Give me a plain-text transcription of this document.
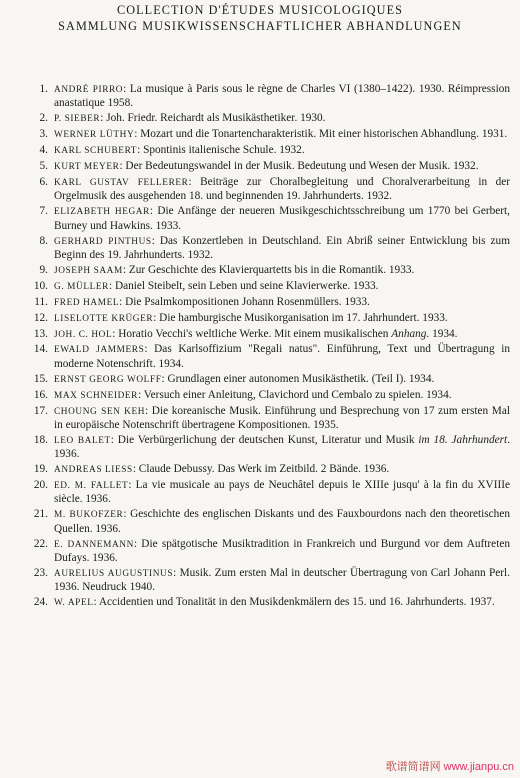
COLLECTION D'ÉTUDES MUSICOLOGIQUES
SAMMLUNG MUSIKWISSENSCHAFTLICHER ABHANDLUNGEN
1. ANDRÉ PIRRO: La musique à Paris sous le règne de Charles VI (1380–1422). 1930. Réimpression anastatique 1958.
2. P. SIEBER: Joh. Friedr. Reichardt als Musikästhetiker. 1930.
3. WERNER LÜTHY: Mozart und die Tonartencharakteristik. Mit einer historischen Abhandlung. 1931.
4. KARL SCHUBERT: Spontinis italienische Schule. 1932.
5. KURT MEYER: Der Bedeutungswandel in der Musik. Bedeutung und Wesen der Musik. 1932.
6. KARL GUSTAV FELLERER: Beiträge zur Choralbegleitung und Choralverarbeitung in der Orgelmusik des ausgehenden 18. und beginnenden 19. Jahrhunderts. 1932.
7. ELIZABETH HEGAR: Die Anfänge der neueren Musikgeschichtsschreibung um 1770 bei Gerbert, Burney und Hawkins. 1933.
8. GERHARD PINTHUS: Das Konzertleben in Deutschland. Ein Abriß seiner Entwicklung bis zum Beginn des 19. Jahrhunderts. 1932.
9. JOSEPH SAAM: Zur Geschichte des Klavierquartetts bis in die Romantik. 1933.
10. G. MÜLLER: Daniel Steibelt, sein Leben und seine Klavierwerke. 1933.
11. FRED HAMEL: Die Psalmkompositionen Johann Rosenmüllers. 1933.
12. LISELOTTE KRÜGER: Die hamburgische Musikorganisation im 17. Jahrhundert. 1933.
13. JOH. C. HOL: Horatio Vecchi's weltliche Werke. Mit einem musikalischen Anhang. 1934.
14. EWALD JAMMERS: Das Karlsoffizium "Regali natus". Einführung, Text und Übertragung in moderne Notenschrift. 1934.
15. ERNST GEORG WOLFF: Grundlagen einer autonomen Musikästhetik. (Teil I). 1934.
16. MAX SCHNEIDER: Versuch einer Anleitung, Clavichord und Cembalo zu spielen. 1934.
17. CHOUNG SEN KEH: Die koreanische Musik. Einführung und Besprechung von 17 zum ersten Mal in europäische Notenschrift übertragene Kompositionen. 1935.
18. LEO BALET: Die Verbürgerlichung der deutschen Kunst, Literatur und Musik im 18. Jahrhundert. 1936.
19. ANDREAS LIESS: Claude Debussy. Das Werk im Zeitbild. 2 Bände. 1936.
20. ED. M. FALLET: La vie musicale au pays de Neuchâtel depuis le XIIIe jusqu' à la fin du XVIIIe siècle. 1936.
21. M. BUKOFZER: Geschichte des englischen Diskants und des Fauxbourdons nach den theoretischen Quellen. 1936.
22. E. DANNEMANN: Die spätgotische Musiktradition in Frankreich und Burgund vor dem Auftreten Dufays. 1936.
23. AURELIUS AUGUSTINUS: Musik. Zum ersten Mal in deutscher Übertragung von Carl Johann Perl. 1936. Neudruck 1940.
24. W. APEL: Accidentien und Tonalität in den Musikdenkmälern des 15. und 16. Jahrhunderts. 1937.
歌谱简谱网 www.jianpu.cn
